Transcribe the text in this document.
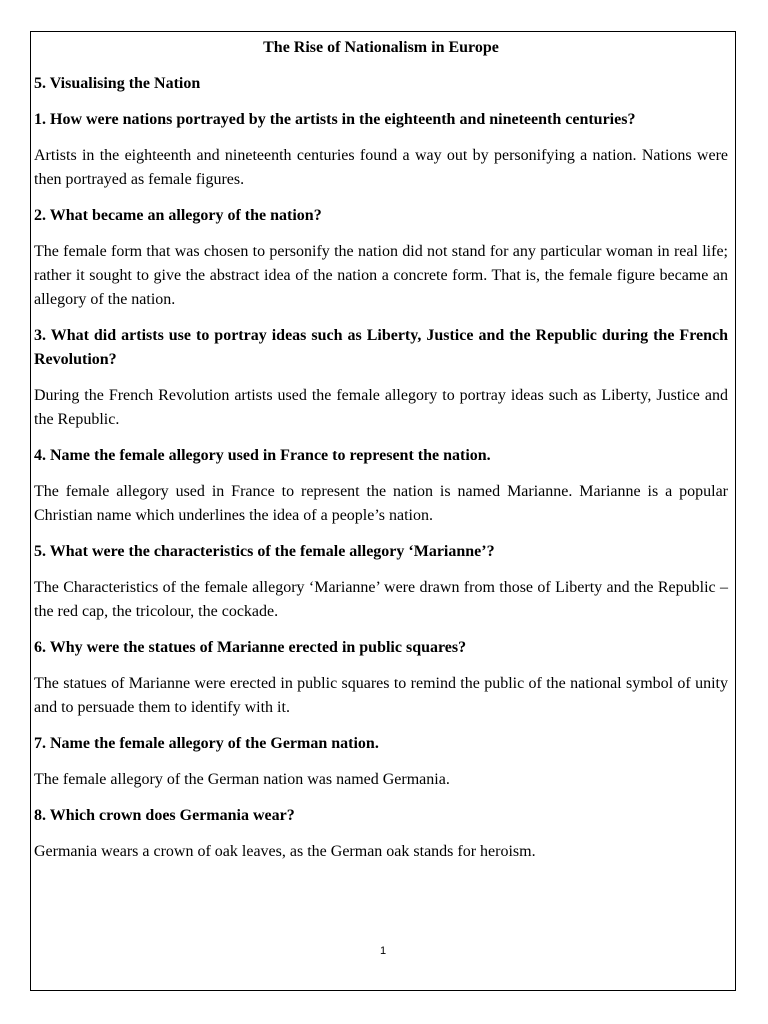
The Rise of Nationalism in Europe
5. Visualising the Nation
1. How were nations portrayed by the artists in the eighteenth and nineteenth centuries?
Artists in the eighteenth and nineteenth centuries found a way out by personifying a nation. Nations were then portrayed as female figures.
2. What became an allegory of the nation?
The female form that was chosen to personify the nation did not stand for any particular woman in real life; rather it sought to give the abstract idea of the nation a concrete form. That is, the female figure became an allegory of the nation.
3. What did artists use to portray ideas such as Liberty, Justice and the Republic during the French Revolution?
During the French Revolution artists used the female allegory to portray ideas such as Liberty, Justice and the Republic.
4. Name the female allegory used in France to represent the nation.
The female allegory used in France to represent the nation is named Marianne. Marianne is a popular Christian name which underlines the idea of a people’s nation.
5. What were the characteristics of the female allegory ‘Marianne’?
The Characteristics of the female allegory ‘Marianne’ were drawn from those of Liberty and the Republic – the red cap, the tricolour, the cockade.
6. Why were the statues of Marianne erected in public squares?
The statues of Marianne were erected in public squares to remind the public of the national symbol of unity and to persuade them to identify with it.
7. Name the female allegory of the German nation.
The female allegory of the German nation was named Germania.
8. Which crown does Germania wear?
Germania wears a crown of oak leaves, as the German oak stands for heroism.
1
